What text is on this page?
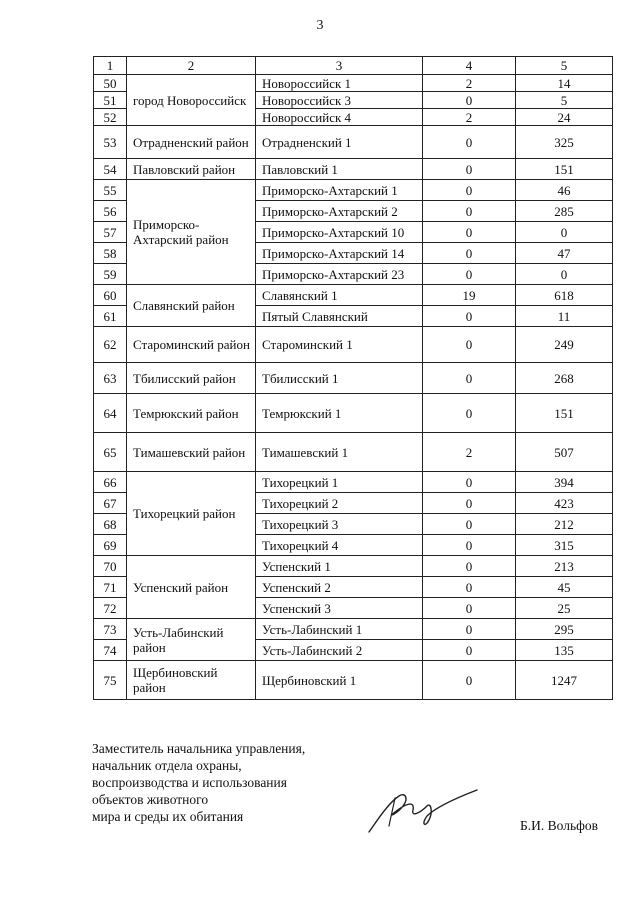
3
1	2	3	4	5
50	город Новороссийск	Новороссийск 1	2	14
51		Новороссийск 3	0	5
52		Новороссийск 4	2	24
53	Отрадненский район	Отрадненский 1	0	325
54	Павловский район	Павловский 1	0	151
55	Приморско-Ахтарский район	Приморско-Ахтарский 1	0	46
56		Приморско-Ахтарский 2	0	285
57		Приморско-Ахтарский 10	0	0
58		Приморско-Ахтарский 14	0	47
59		Приморско-Ахтарский 23	0	0
60	Славянский район	Славянский 1	19	618
61		Пятый Славянский	0	11
62	Староминский район	Староминский 1	0	249
63	Тбилисский район	Тбилисский 1	0	268
64	Темрюкский район	Темрюкский 1	0	151
65	Тимашевский район	Тимашевский 1	2	507
66	Тихорецкий район	Тихорецкий 1	0	394
67		Тихорецкий 2	0	423
68		Тихорецкий 3	0	212
69		Тихорецкий 4	0	315
70	Успенский район	Успенский 1	0	213
71		Успенский 2	0	45
72		Успенский 3	0	25
73	Усть-Лабинский район	Усть-Лабинский 1	0	295
74		Усть-Лабинский 2	0	135
75	Щербиновский район	Щербиновский 1	0	1247
Заместитель начальника управления,
начальник отдела охраны,
воспроизводства и использования
объектов животного
мира и среды их обитания
Б.И. Вольфов
